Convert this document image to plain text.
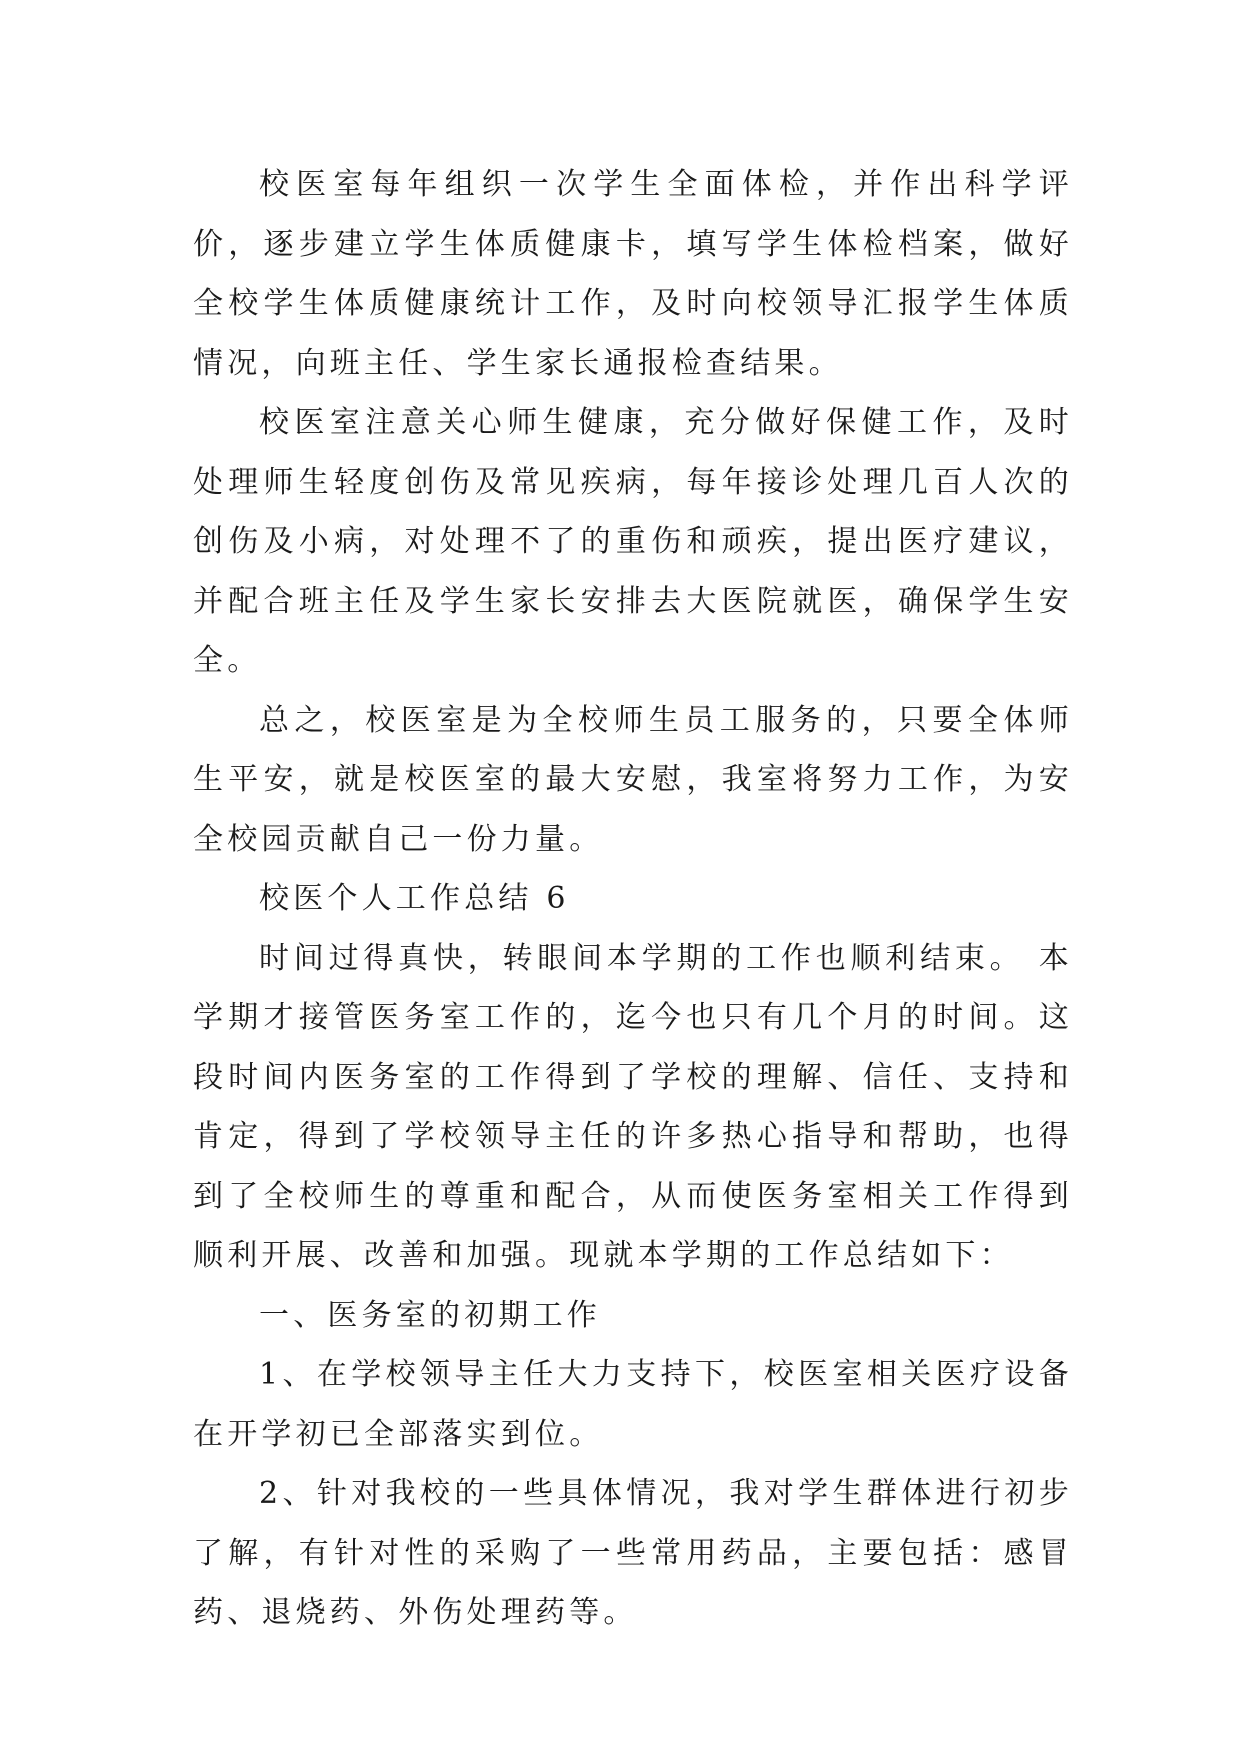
校医室每年组织一次学生全面体检，并作出科学评价，逐步建立学生体质健康卡，填写学生体检档案，做好全校学生体质健康统计工作，及时向校领导汇报学生体质情况，向班主任、学生家长通报检查结果。

校医室注意关心师生健康，充分做好保健工作，及时处理师生轻度创伤及常见疾病，每年接诊处理几百人次的创伤及小病，对处理不了的重伤和顽疾，提出医疗建议，并配合班主任及学生家长安排去大医院就医，确保学生安全。

总之，校医室是为全校师生员工服务的，只要全体师生平安，就是校医室的最大安慰，我室将努力工作，为安全校园贡献自己一份力量。

校医个人工作总结 6

时间过得真快，转眼间本学期的工作也顺利结束。 本学期才接管医务室工作的，迄今也只有几个月的时间。这段时间内医务室的工作得到了学校的理解、信任、支持和肯定，得到了学校领导主任的许多热心指导和帮助，也得到了全校师生的尊重和配合，从而使医务室相关工作得到顺利开展、改善和加强。现就本学期的工作总结如下：

一、医务室的初期工作

1、在学校领导主任大力支持下，校医室相关医疗设备在开学初已全部落实到位。

2、针对我校的一些具体情况，我对学生群体进行初步了解，有针对性的采购了一些常用药品，主要包括：感冒药、退烧药、外伤处理药等。
